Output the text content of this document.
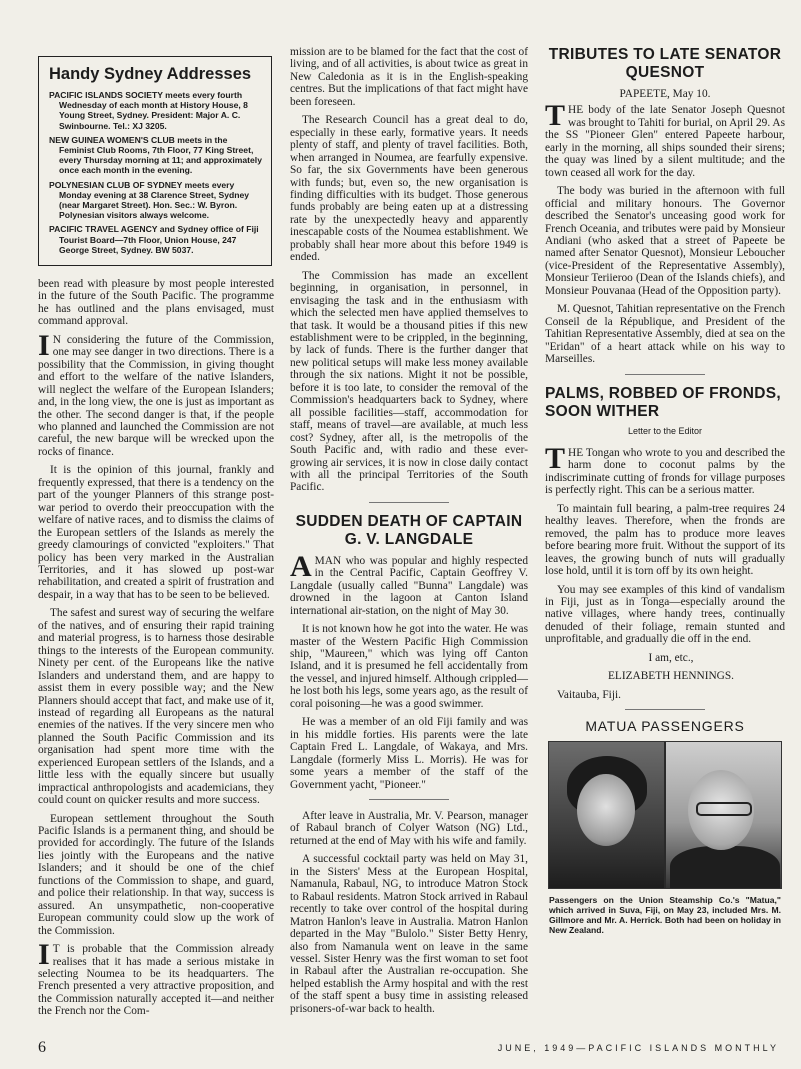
Handy Sydney Addresses
PACIFIC ISLANDS SOCIETY meets every fourth Wednesday of each month at History House, 8 Young Street, Sydney. President: Major A. C. Swinbourne. Tel.: XJ 3205.
NEW GUINEA WOMEN'S CLUB meets in the Feminist Club Rooms, 7th Floor, 77 King Street, every Thursday morning at 11; and approximately once each month in the evening.
POLYNESIAN CLUB OF SYDNEY meets every Monday evening at 38 Clarence Street, Sydney (near Margaret Street). Hon. Sec.: W. Byron. Polynesian visitors always welcome.
PACIFIC TRAVEL AGENCY and Sydney office of Fiji Tourist Board—7th Floor, Union House, 247 George Street, Sydney. BW 5037.

been read with pleasure by most people interested in the future of the South Pacific. The programme he has outlined and the plans envisaged, must command approval.

IN considering the future of the Commission, one may see danger in two directions. There is a possibility that the Commission, in giving thought and effort to the welfare of the native Islanders, will neglect the welfare of the European Islanders; and, in the long view, the one is just as important as the other. The second danger is that, if the people who planned and launched the Commission are not careful, the new barque will be wrecked upon the rocks of finance.

It is the opinion of this journal, frankly and frequently expressed, that there is a tendency on the part of the younger Planners of this strange post-war period to overdo their preoccupation with the welfare of native races, and to dismiss the claims of the European settlers of the Islands as merely the greedy clamourings of convicted "exploiters." That policy has been very marked in the Australian Territories, and it has slowed up post-war rehabilitation, and created a spirit of frustration and despair, in a way that has to be seen to be believed.

The safest and surest way of securing the welfare of the natives, and of ensuring their rapid training and material progress, is to harness those desirable things to the interests of the European community. Ninety per cent. of the Europeans like the native Islanders and understand them, and are happy to assist them in every possible way; and the New Planners should accept that fact, and make use of it, instead of regarding all Europeans as the natural enemies of the natives. If the very sincere men who planned the South Pacific Commission and its organisation had spent more time with the experienced European settlers of the Islands, and a little less with the equally sincere but usually impractical anthropologists and academicians, they could count on quicker results and more success.

European settlement throughout the South Pacific Islands is a permanent thing, and should be provided for accordingly. The future of the Islands lies jointly with the Europeans and the native Islanders; and it should be one of the chief functions of the Commission to shape, and guard, and police their relationship. In that way, success is assured. An unsympathetic, non-cooperative European community could slow up the work of the Commission.

IT is probable that the Commission already realises that it has made a serious mistake in selecting Noumea to be its headquarters. The French presented a very attractive proposition, and the Commission naturally accepted it—and neither the French nor the Com-

mission are to be blamed for the fact that the cost of living, and of all activities, is about twice as great in New Caledonia as it is in the English-speaking centres. But the implications of that fact might have been foreseen.

The Research Council has a great deal to do, especially in these early, formative years. It needs plenty of staff, and plenty of travel facilities. Both, when arranged in Noumea, are fearfully expensive. So far, the six Governments have been generous with funds; but, even so, the new organisation is finding difficulties with its budget. Those generous funds probably are being eaten up at a distressing rate by the unexpectedly heavy and apparently inescapable costs of the Noumea establishment. We probably shall hear more about this before 1949 is ended.

The Commission has made an excellent beginning, in organisation, in personnel, in envisaging the task and in the enthusiasm with which the selected men have applied themselves to that task. It would be a thousand pities if this new establishment were to be crippled, in the beginning, by lack of funds. There is the further danger that new political setups will make less money available through the six nations. Might it not be possible, before it is too late, to consider the removal of the Commission's headquarters back to Sydney, where all possible facilities—staff, accommodation for staff, means of travel—are available, at much less cost? Sydney, after all, is the metropolis of the South Pacific and, with radio and these ever-growing air services, it is now in close daily contact with all the principal Territories of the South Pacific.

SUDDEN DEATH OF CAPTAIN G. V. LANGDALE

AMAN who was popular and highly respected in the Central Pacific, Captain Geoffrey V. Langdale (usually called "Bunna" Langdale) was drowned in the lagoon at Canton Island international air-station, on the night of May 30.

It is not known how he got into the water. He was master of the Western Pacific High Commission ship, "Maureen," which was lying off Canton Island, and it is presumed he fell accidentally from the vessel, and injured himself. Although crippled—he lost both his legs, some years ago, as the result of coral poisoning—he was a good swimmer.

He was a member of an old Fiji family and was in his middle forties. His parents were the late Captain Fred L. Langdale, of Wakaya, and Mrs. Langdale (formerly Miss L. Morris). He was for some years a member of the staff of the Government yacht, "Pioneer."

After leave in Australia, Mr. V. Pearson, manager of Rabaul branch of Colyer Watson (NG) Ltd., returned at the end of May with his wife and family.

A successful cocktail party was held on May 31, in the Sisters' Mess at the European Hospital, Namanula, Rabaul, NG, to introduce Matron Stock to Rabaul residents. Matron Stock arrived in Rabaul recently to take over control of the hospital during Matron Hanlon's leave in Australia. Matron Hanlon departed in the May "Bulolo." Sister Betty Henry, also from Namanula went on leave in the same vessel. Sister Henry was the first woman to set foot in Rabaul after the Australian re-occupation. She helped establish the Army hospital and with the rest of the staff spent a busy time in assisting released prisoners-of-war back to health.

TRIBUTES TO LATE SENATOR QUESNOT
PAPEETE, May 10.

THE body of the late Senator Joseph Quesnot was brought to Tahiti for burial, on April 29. As the SS "Pioneer Glen" entered Papeete harbour, early in the morning, all ships sounded their sirens; the quay was lined by a silent multitude; and the town ceased all work for the day.

The body was buried in the afternoon with full official and military honours. The Governor described the Senator's unceasing good work for French Oceania, and tributes were paid by Monsieur Andiani (who asked that a street of Papeete be named after Senator Quesnot), Monsieur Leboucher (vice-President of the Representative Assembly), Monsieur Teriieroo (Dean of the Islands chiefs), and Monsieur Pouvanaa (Head of the Opposition party).

M. Quesnot, Tahitian representative on the French Conseil de la République, and President of the Tahitian Representative Assembly, died at sea on the "Eridan" of a heart attack while on his way to Marseilles.

PALMS, ROBBED OF FRONDS, SOON WITHER
Letter to the Editor

THE Tongan who wrote to you and described the harm done to coconut palms by the indiscriminate cutting of fronds for village purposes is perfectly right. This can be a serious matter.

To maintain full bearing, a palm-tree requires 24 healthy leaves. Therefore, when the fronds are removed, the palm has to produce more leaves before bearing more fruit. Without the support of its leaves, the growing bunch of nuts will gradually lose hold, until it is torn off by its own height.

You may see examples of this kind of vandalism in Fiji, just as in Tonga—especially around the native villages, where handy trees, continually denuded of their foliage, remain stunted and unprofitable, and gradually die off in the end.

I am, etc.,

ELIZABETH HENNINGS.

Vaitauba, Fiji.

MATUA PASSENGERS
Passengers on the Union Steamship Co.'s "Matua," which arrived in Suva, Fiji, on May 23, included Mrs. M. Gillmore and Mr. A. Herrick. Both had been on holiday in New Zealand.
6	JUNE, 1949—PACIFIC ISLANDS MONTHLY
